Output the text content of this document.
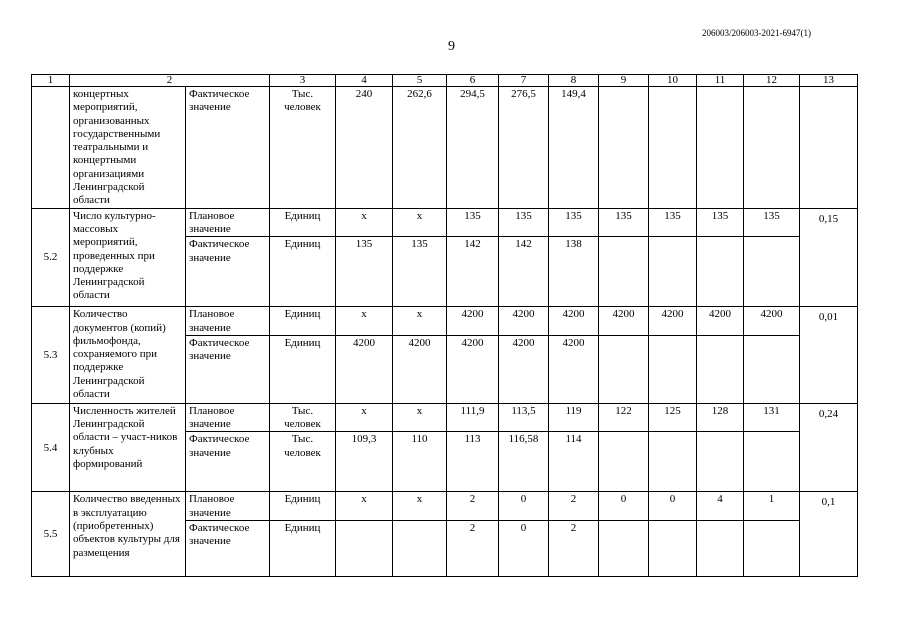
206003/206003-2021-6947(1)
9
1	2		3	4	5	6	7	8	9	10	11	12	13
	концертных мероприятий, организованных государственными театральными и концертными организациями Ленинградской области	Фактическое значение	Тыс. человек	240	262,6	294,5	276,5	149,4					
5.2	Число культурно-массовых мероприятий, проведенных при поддержке Ленинградской области	Плановое значение	Единиц	х	х	135	135	135	135	135	135	135	0,15
		Фактическое значение	Единиц	135	135	142	142	138					
5.3	Количество документов (копий) фильмофонда, сохраняемого при поддержке Ленинградской области	Плановое значение	Единиц	х	х	4200	4200	4200	4200	4200	4200	4200	0,01
		Фактическое значение	Единиц	4200	4200	4200	4200	4200					
5.4	Численность жителей Ленинградской области – участ-ников клубных формирований	Плановое значение	Тыс. человек	х	х	111,9	113,5	119	122	125	128	131	0,24
		Фактическое значение	Тыс. человек	109,3	110	113	116,58	114					
5.5	Количество введенных в эксплуатацию (приобретенных) объектов культуры для размещения	Плановое значение	Единиц	х	х	2	0	2	0	0	4	1	0,1
		Фактическое значение	Единиц			2	0	2					
